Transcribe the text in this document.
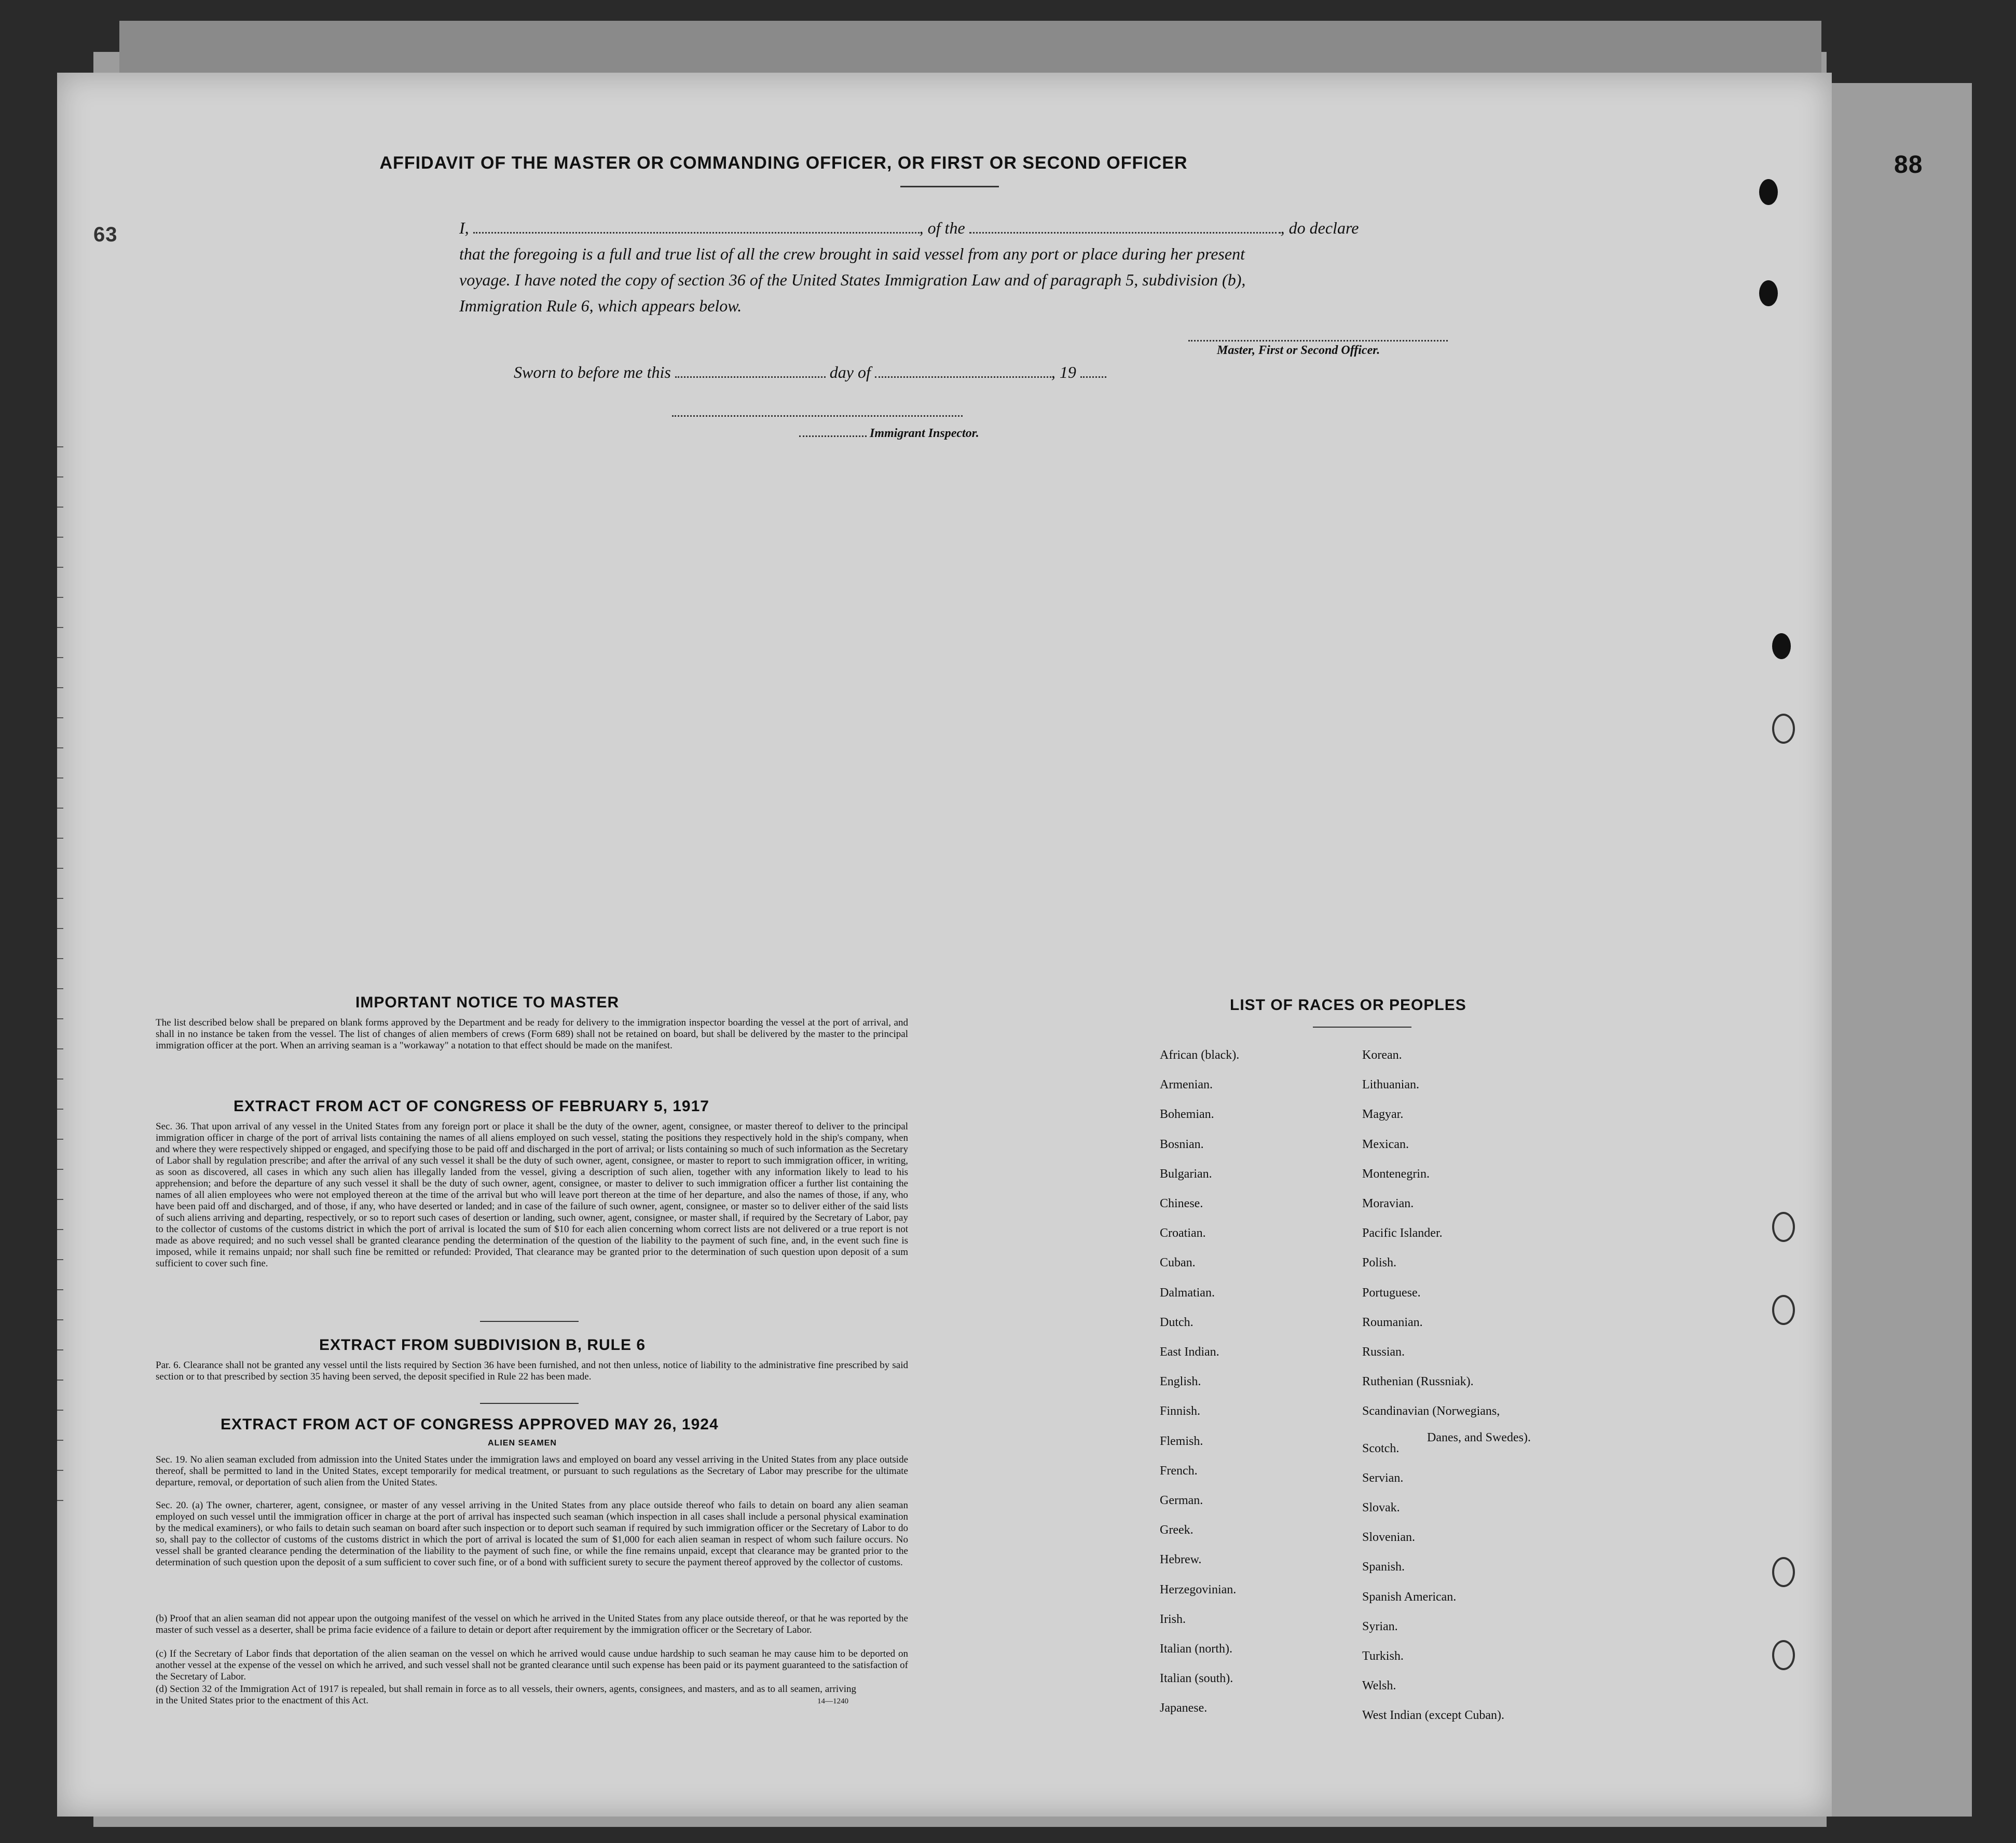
63
88
AFFIDAVIT OF THE MASTER OR COMMANDING OFFICER, OR FIRST OR SECOND OFFICER
I,	, of the	, do declare
that the foregoing is a full and true list of all the crew brought in said vessel from any port or place during her present
voyage. I have noted the copy of section 36 of the United States Immigration Law and of paragraph 5, subdivision (b),
Immigration Rule 6, which appears below.
Master, First or Second Officer.
Sworn to before me this	day of	, 19
Immigrant Inspector.
IMPORTANT NOTICE TO MASTER
The list described below shall be prepared on blank forms approved by the Department and be ready for delivery to the immigration inspector boarding the vessel at the port of arrival, and shall in no instance be taken from the vessel. The list of changes of alien members of crews (Form 689) shall not be retained on board, but shall be delivered by the master to the principal immigration officer at the port. When an arriving seaman is a "workaway" a notation to that effect should be made on the manifest.
EXTRACT FROM ACT OF CONGRESS OF FEBRUARY 5, 1917
Sec. 36. That upon arrival of any vessel in the United States from any foreign port or place it shall be the duty of the owner, agent, consignee, or master thereof to deliver to the principal immigration officer in charge of the port of arrival lists containing the names of all aliens employed on such vessel, stating the positions they respectively hold in the ship's company, when and where they were respectively shipped or engaged, and specifying those to be paid off and discharged in the port of arrival; or lists containing so much of such information as the Secretary of Labor shall by regulation prescribe; and after the arrival of any such vessel it shall be the duty of such owner, agent, consignee, or master to report to such immigration officer, in writing, as soon as discovered, all cases in which any such alien has illegally landed from the vessel, giving a description of such alien, together with any information likely to lead to his apprehension; and before the departure of any such vessel it shall be the duty of such owner, agent, consignee, or master to deliver to such immigration officer a further list containing the names of all alien employees who were not employed thereon at the time of the arrival but who will leave port thereon at the time of her departure, and also the names of those, if any, who have been paid off and discharged, and of those, if any, who have deserted or landed; and in case of the failure of such owner, agent, consignee, or master so to deliver either of the said lists of such aliens arriving and departing, respectively, or so to report such cases of desertion or landing, such owner, agent, consignee, or master shall, if required by the Secretary of Labor, pay to the collector of customs of the customs district in which the port of arrival is located the sum of $10 for each alien concerning whom correct lists are not delivered or a true report is not made as above required; and no such vessel shall be granted clearance pending the determination of the question of the liability to the payment of such fine, and, in the event such fine is imposed, while it remains unpaid; nor shall such fine be remitted or refunded: Provided, That clearance may be granted prior to the determination of such question upon deposit of a sum sufficient to cover such fine.
EXTRACT FROM SUBDIVISION B, RULE 6
Par. 6. Clearance shall not be granted any vessel until the lists required by Section 36 have been furnished, and not then unless, notice of liability to the administrative fine prescribed by said section or to that prescribed by section 35 having been served, the deposit specified in Rule 22 has been made.
EXTRACT FROM ACT OF CONGRESS APPROVED MAY 26, 1924
ALIEN SEAMEN
Sec. 19. No alien seaman excluded from admission into the United States under the immigration laws and employed on board any vessel arriving in the United States from any place outside thereof, shall be permitted to land in the United States, except temporarily for medical treatment, or pursuant to such regulations as the Secretary of Labor may prescribe for the ultimate departure, removal, or deportation of such alien from the United States.
Sec. 20. (a) The owner, charterer, agent, consignee, or master of any vessel arriving in the United States from any place outside thereof who fails to detain on board any alien seaman employed on such vessel until the immigration officer in charge at the port of arrival has inspected such seaman (which inspection in all cases shall include a personal physical examination by the medical examiners), or who fails to detain such seaman on board after such inspection or to deport such seaman if required by such immigration officer or the Secretary of Labor to do so, shall pay to the collector of customs of the customs district in which the port of arrival is located the sum of $1,000 for each alien seaman in respect of whom such failure occurs. No vessel shall be granted clearance pending the determination of the liability to the payment of such fine, or while the fine remains unpaid, except that clearance may be granted prior to the determination of such question upon the deposit of a sum sufficient to cover such fine, or of a bond with sufficient surety to secure the payment thereof approved by the collector of customs.
(b) Proof that an alien seaman did not appear upon the outgoing manifest of the vessel on which he arrived in the United States from any place outside thereof, or that he was reported by the master of such vessel as a deserter, shall be prima facie evidence of a failure to detain or deport after requirement by the immigration officer or the Secretary of Labor.
(c) If the Secretary of Labor finds that deportation of the alien seaman on the vessel on which he arrived would cause undue hardship to such seaman he may cause him to be deported on another vessel at the expense of the vessel on which he arrived, and such vessel shall not be granted clearance until such expense has been paid or its payment guaranteed to the satisfaction of the Secretary of Labor.
(d) Section 32 of the Immigration Act of 1917 is repealed, but shall remain in force as to all vessels, their owners, agents, consignees, and masters, and as to all seamen, arriving in the United States prior to the enactment of this Act.	14—1240
LIST OF RACES OR PEOPLES
African (black).
Armenian.
Bohemian.
Bosnian.
Bulgarian.
Chinese.
Croatian.
Cuban.
Dalmatian.
Dutch.
East Indian.
English.
Finnish.
Flemish.
French.
German.
Greek.
Hebrew.
Herzegovinian.
Irish.
Italian (north).
Italian (south).
Japanese.
Korean.
Lithuanian.
Magyar.
Mexican.
Montenegrin.
Moravian.
Pacific Islander.
Polish.
Portuguese.
Roumanian.
Russian.
Ruthenian (Russniak).
Scandinavian (Norwegians,
Scotch.
Servian.
Slovak.
Slovenian.
Spanish.
Spanish American.
Syrian.
Turkish.
Welsh.
West Indian (except Cuban).
Danes, and Swedes).
